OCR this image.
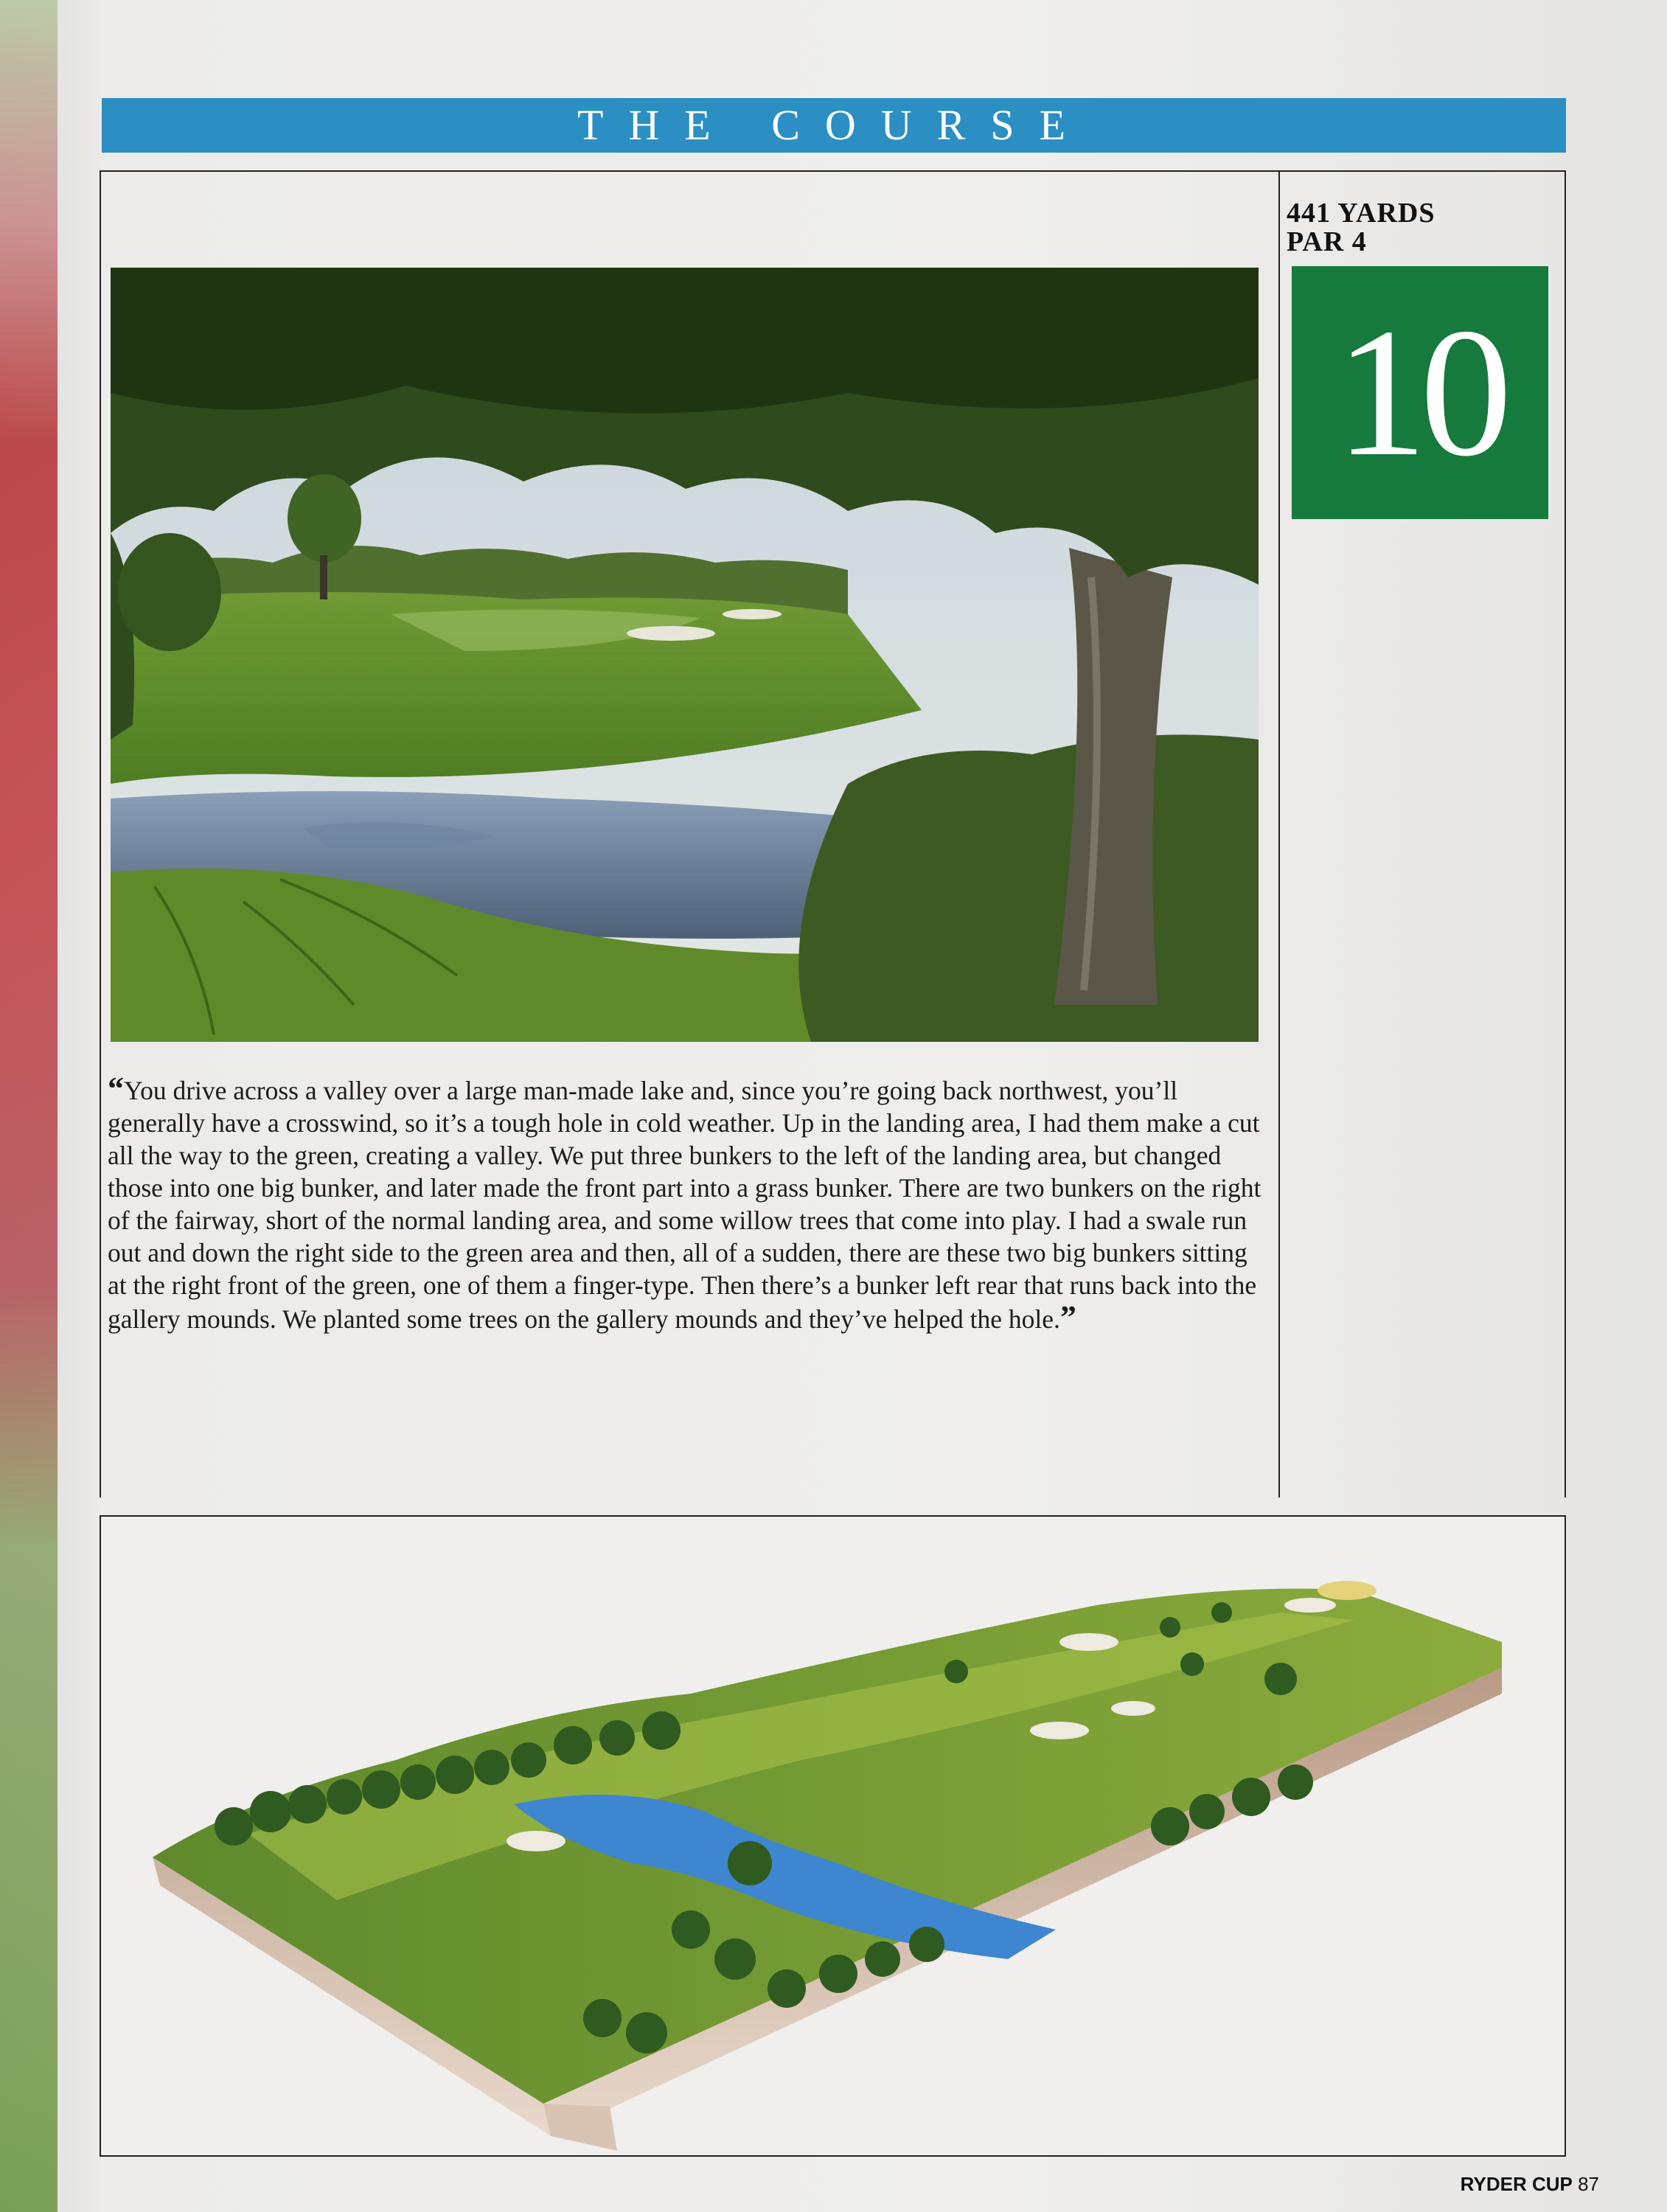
THE COURSE
441 YARDS
PAR 4
10

“You drive across a valley over a large man-made lake and, since you’re going back northwest, you’ll generally have a crosswind, so it’s a tough hole in cold weather. Up in the landing area, I had them make a cut all the way to the green, creating a valley. We put three bunkers to the left of the landing area, but changed those into one big bunker, and later made the front part into a grass bunker. There are two bunkers on the right of the fairway, short of the normal landing area, and some willow trees that come into play. I had a swale run out and down the right side to the green area and then, all of a sudden, there are these two big bunkers sitting at the right front of the green, one of them a finger-type. Then there’s a bunker left rear that runs back into the gallery mounds. We planted some trees on the gallery mounds and they’ve helped the hole.”

RYDER CUP 87
